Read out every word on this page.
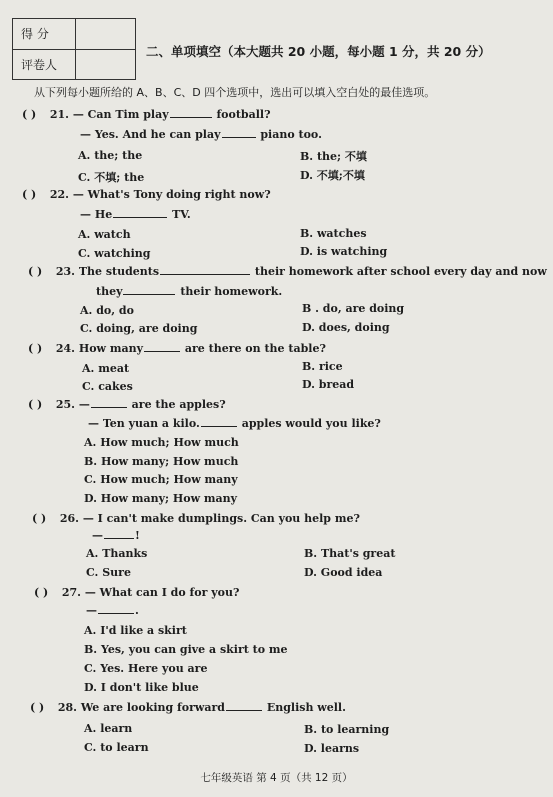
得 分	
评卷人	
二、单项填空（本大题共 20 小题，每小题 1 分，共 20 分）
从下列每小题所给的 A、B、C、D 四个选项中，选出可以填入空白处的最佳选项。
( ) 21. — Can Tim play	football?
— Yes. And he can play	piano too.
A. the; the	B. the; 不填
C. 不填; the	D. 不填;不填
( ) 22. — What's Tony doing right now?
— He	TV.
A. watch	B. watches
C. watching	D. is watching
( ) 23. The students	their homework after school every day and now
they	their homework.
A. do, do	B . do, are doing
C. doing, are doing	D. does, doing
( ) 24. How many	are there on the table?
A. meat	B. rice
C. cakes	D. bread
( ) 25. —	are the apples?
— Ten yuan a kilo.	apples would you like?
A. How much; How much
B. How many; How much
C. How much; How many
D. How many; How many
( ) 26. — I can't make dumplings. Can you help me?
—	!
A. Thanks	B. That's great
C. Sure	D. Good idea
( ) 27. — What can I do for you?
—	.
A. I'd like a skirt
B. Yes, you can give a skirt to me
C. Yes. Here you are
D. I don't like blue
( ) 28. We are looking forward	English well.
A. learn	B. to learning
C. to learn	D. learns
七年级英语 第 4 页（共 12 页）
